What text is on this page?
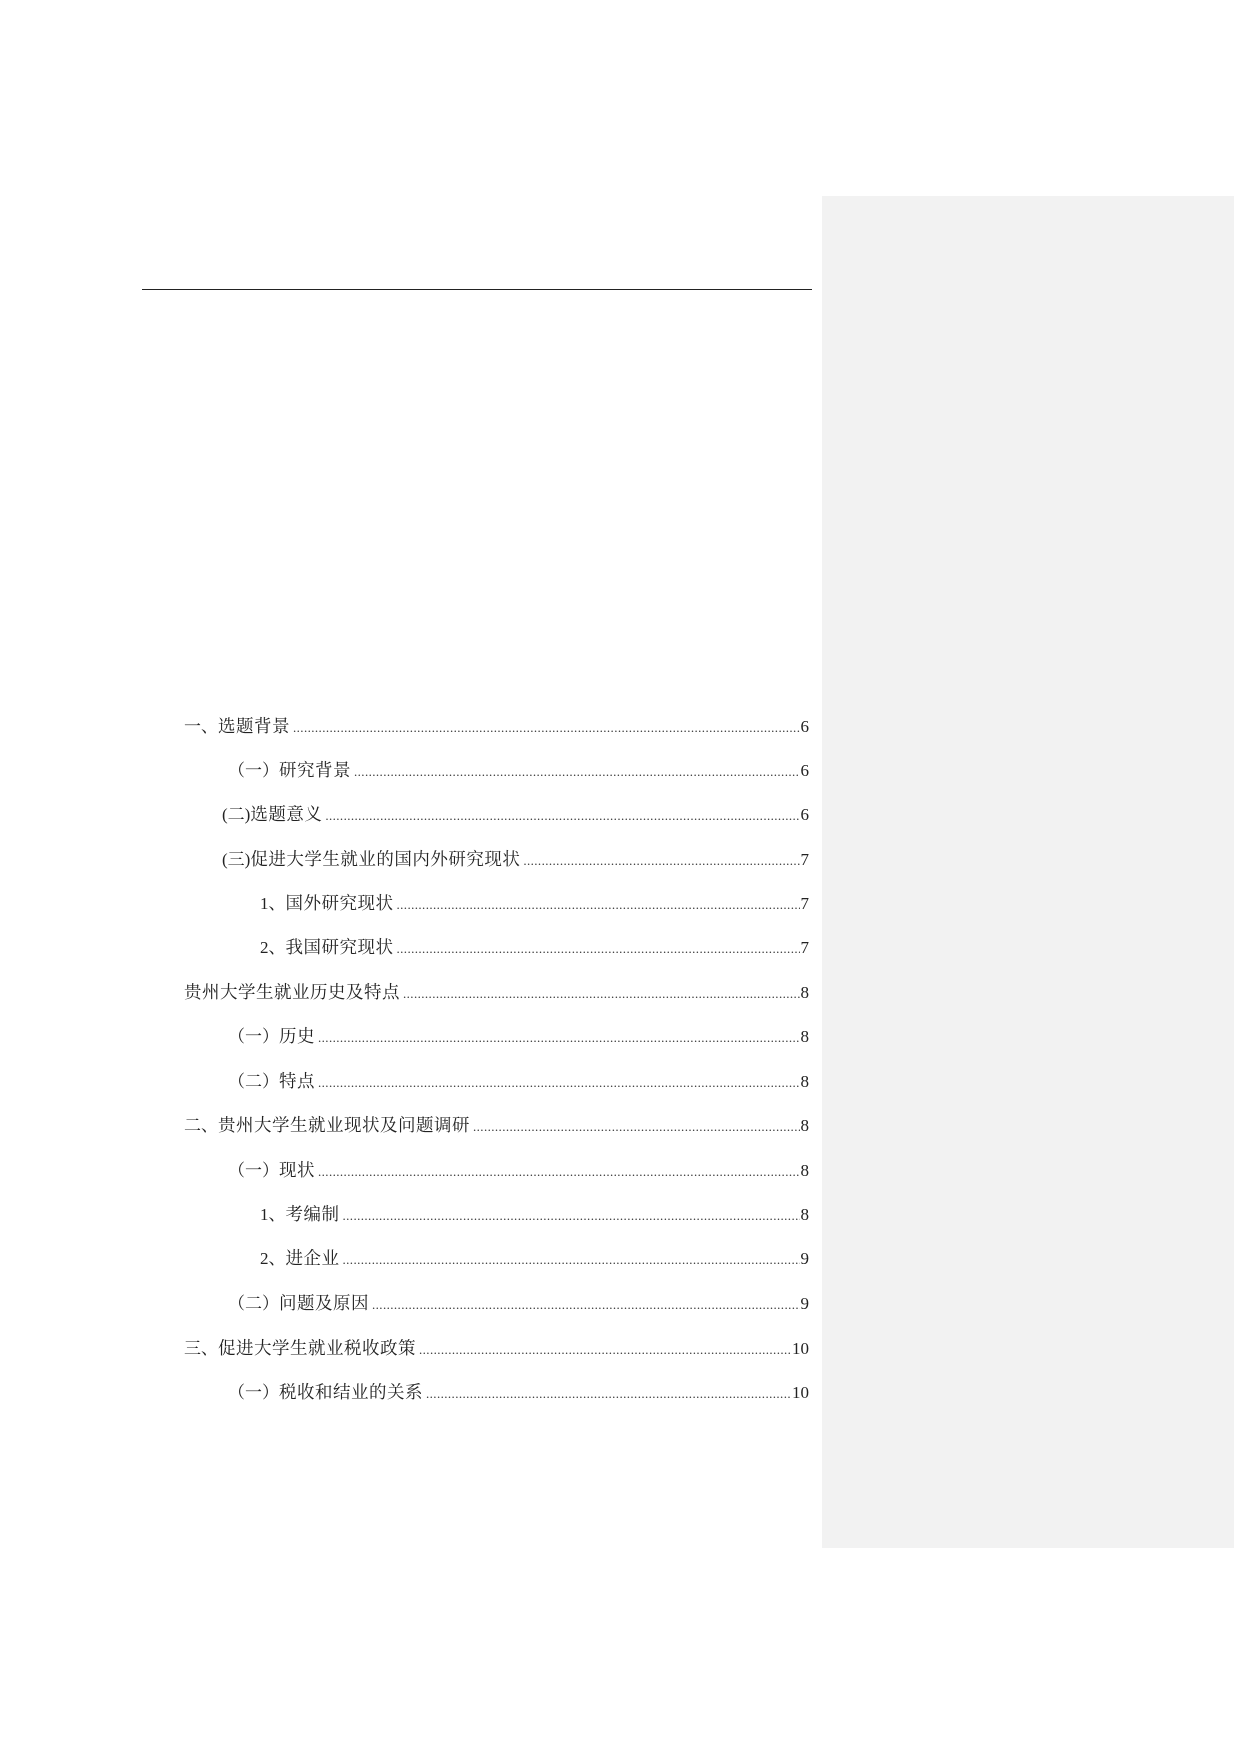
一、 选题背景 .....	6
（一） 研究背景 .....	6
(二) 选题意义 .....	6
(三) 促进大学生就业的国内外研究现状 .....	7
1、 国外研究现状 .....	7
2、 我国研究现状 .....	7
贵州大学生就业历史及特点 .....	8
（一） 历史 .....	8
（二） 特点 .....	8
二、 贵州大学生就业现状及问题调研 .....	8
（一） 现状 .....	8
1、 考编制 .....	8
2、 进企业 .....	9
（二） 问题及原因 .....	9
三、 促进大学生就业税收政策 .....	10
（一） 税收和结业的关系 .....	10
